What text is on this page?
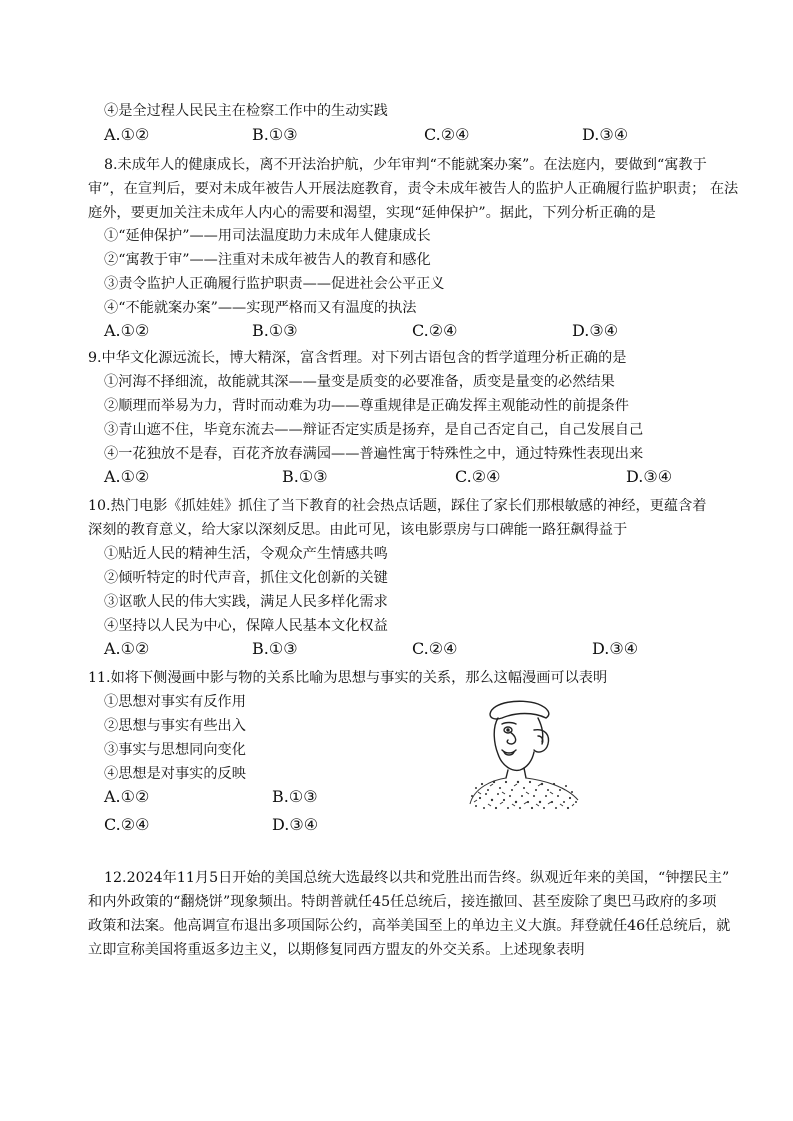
④是全过程人民民主在检察工作中的生动实践
A.①②	B.①③	C.②④	D.③④
8.未成年人的健康成长，离不开法治护航，少年审判“不能就案办案”。在法庭内，要做到“寓教于
审”，在宣判后，要对未成年被告人开展法庭教育，责令未成年被告人的监护人正确履行监护职责； 在法
庭外，要更加关注未成年人内心的需要和渴望，实现“延伸保护”。据此，下列分析正确的是
①“延伸保护”——用司法温度助力未成年人健康成长
②“寓教于审”——注重对未成年被告人的教育和感化
③责令监护人正确履行监护职责——促进社会公平正义
④“不能就案办案”——实现严格而又有温度的执法
A.①②	B.①③	C.②④	D.③④
9.中华文化源远流长，博大精深，富含哲理。对下列古语包含的哲学道理分析正确的是
①河海不择细流，故能就其深——量变是质变的必要准备，质变是量变的必然结果
②顺理而举易为力，背时而动难为功——尊重规律是正确发挥主观能动性的前提条件
③青山遮不住，毕竟东流去——辩证否定实质是扬弃，是自己否定自己，自己发展自己
④一花独放不是春，百花齐放春满园——普遍性寓于特殊性之中，通过特殊性表现出来
A.①②	B.①③	C.②④	D.③④
10.热门电影《抓娃娃》抓住了当下教育的社会热点话题，踩住了家长们那根敏感的神经，更蕴含着
深刻的教育意义，给大家以深刻反思。由此可见，该电影票房与口碑能一路狂飙得益于
①贴近人民的精神生活，令观众产生情感共鸣
②倾听特定的时代声音，抓住文化创新的关键
③讴歌人民的伟大实践，满足人民多样化需求
④坚持以人民为中心，保障人民基本文化权益
A.①②	B.①③	C.②④	D.③④
11.如将下侧漫画中影与物的关系比喻为思想与事实的关系，那么这幅漫画可以表明
①思想对事实有反作用
②思想与事实有些出入
③事实与思想同向变化
④思想是对事实的反映
A.①②	B.①③
C.②④	D.③④
12.2024年11月5日开始的美国总统大选最终以共和党胜出而告终。纵观近年来的美国，“钟摆民主”
和内外政策的“翻烧饼”现象频出。特朗普就任45任总统后，接连撤回、甚至废除了奥巴马政府的多项
政策和法案。他高调宣布退出多项国际公约，高举美国至上的单边主义大旗。拜登就任46任总统后，就
立即宣称美国将重返多边主义，以期修复同西方盟友的外交关系。上述现象表明
